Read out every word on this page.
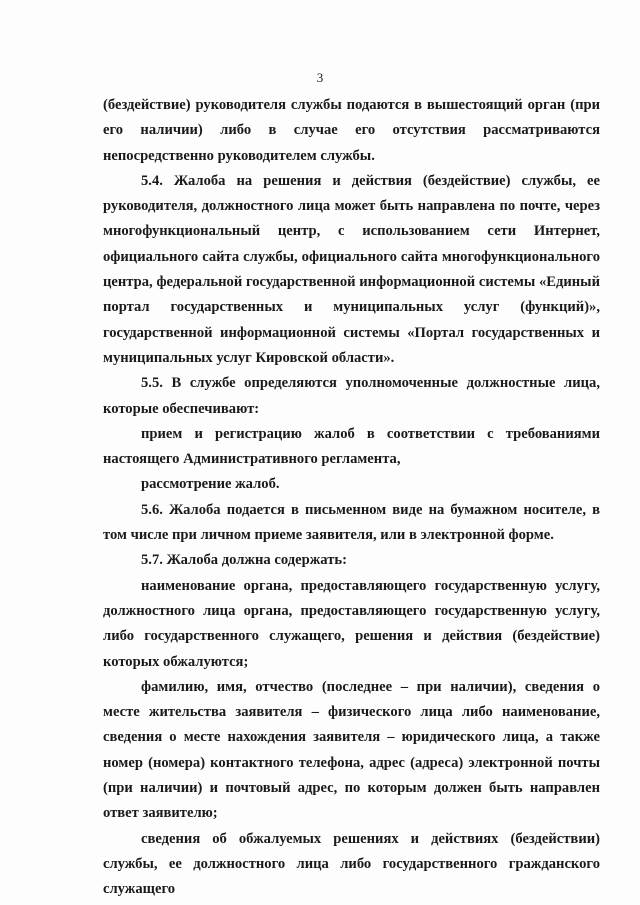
3

(бездействие) руководителя службы подаются в вышестоящий орган (при его наличии) либо в случае его отсутствия рассматриваются непосредственно руководителем службы.

5.4. Жалоба на решения и действия (бездействие) службы, ее руководителя, должностного лица может быть направлена по почте, через многофункциональный центр, с использованием сети Интернет, официального сайта службы, официального сайта многофункционального центра, федеральной государственной информационной системы «Единый портал государственных и муниципальных услуг (функций)», государственной информационной системы «Портал государственных и муниципальных услуг Кировской области».

5.5. В службе определяются уполномоченные должностные лица, которые обеспечивают:

прием и регистрацию жалоб в соответствии с требованиями настоящего Административного регламента,

рассмотрение жалоб.

5.6. Жалоба подается в письменном виде на бумажном носителе, в том числе при личном приеме заявителя, или в электронной форме.

5.7. Жалоба должна содержать:

наименование органа, предоставляющего государственную услугу, должностного лица органа, предоставляющего государственную услугу, либо государственного служащего, решения и действия (бездействие) которых обжалуются;

фамилию, имя, отчество (последнее – при наличии), сведения о месте жительства заявителя – физического лица либо наименование, сведения о месте нахождения заявителя – юридического лица, а также номер (номера) контактного телефона, адрес (адреса) электронной почты (при наличии) и почтовый адрес, по которым должен быть направлен ответ заявителю;

сведения об обжалуемых решениях и действиях (бездействии) службы, ее должностного лица либо государственного гражданского служащего
